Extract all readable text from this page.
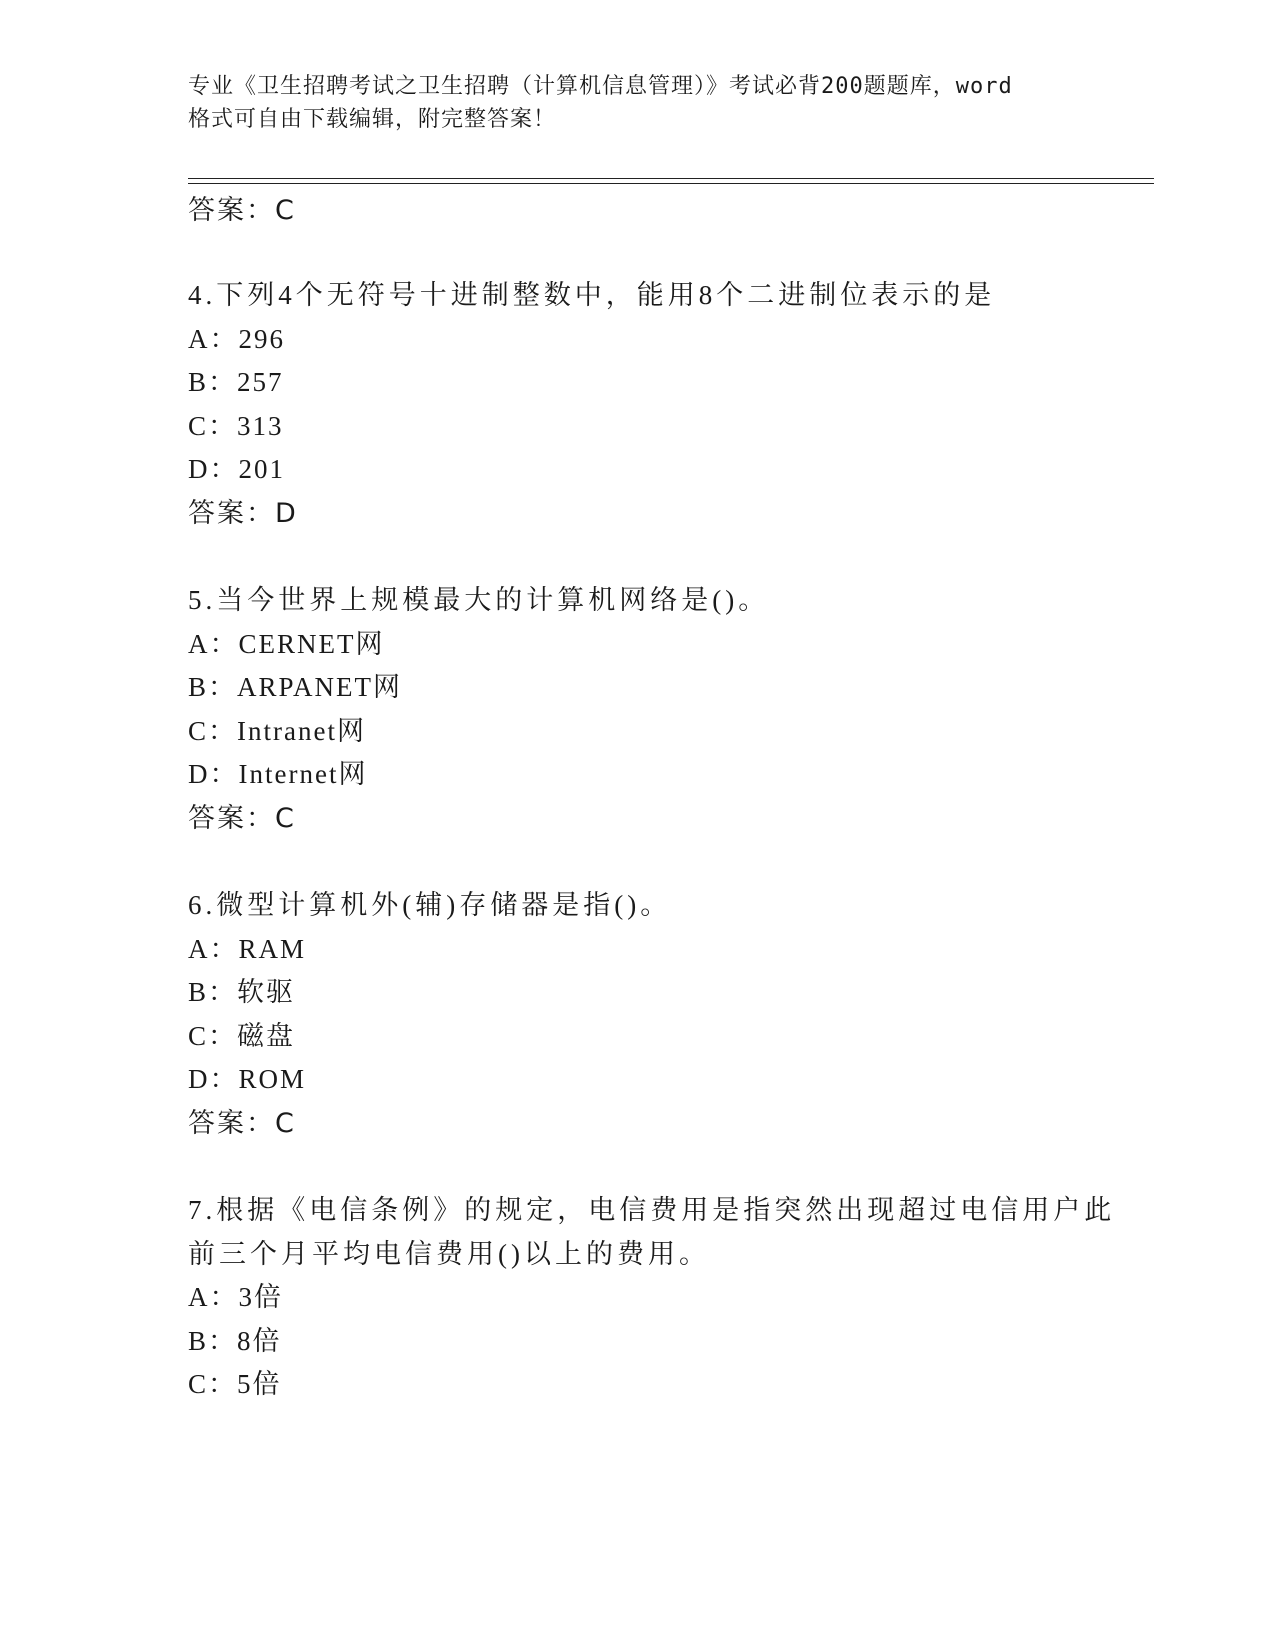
专业《卫生招聘考试之卫生招聘（计算机信息管理）》考试必背200题题库，word
格式可自由下载编辑，附完整答案！
答案：C
4.下列4个无符号十进制整数中，能用8个二进制位表示的是
A：296
B：257
C：313
D：201
答案：D
5.当今世界上规模最大的计算机网络是()。
A：CERNET网
B：ARPANET网
C：Intranet网
D：Internet网
答案：C
6.微型计算机外(辅)存储器是指()。
A：RAM
B：软驱
C：磁盘
D：ROM
答案：C
7.根据《电信条例》的规定，电信费用是指突然出现超过电信用户此
前三个月平均电信费用()以上的费用。
A：3倍
B：8倍
C：5倍
